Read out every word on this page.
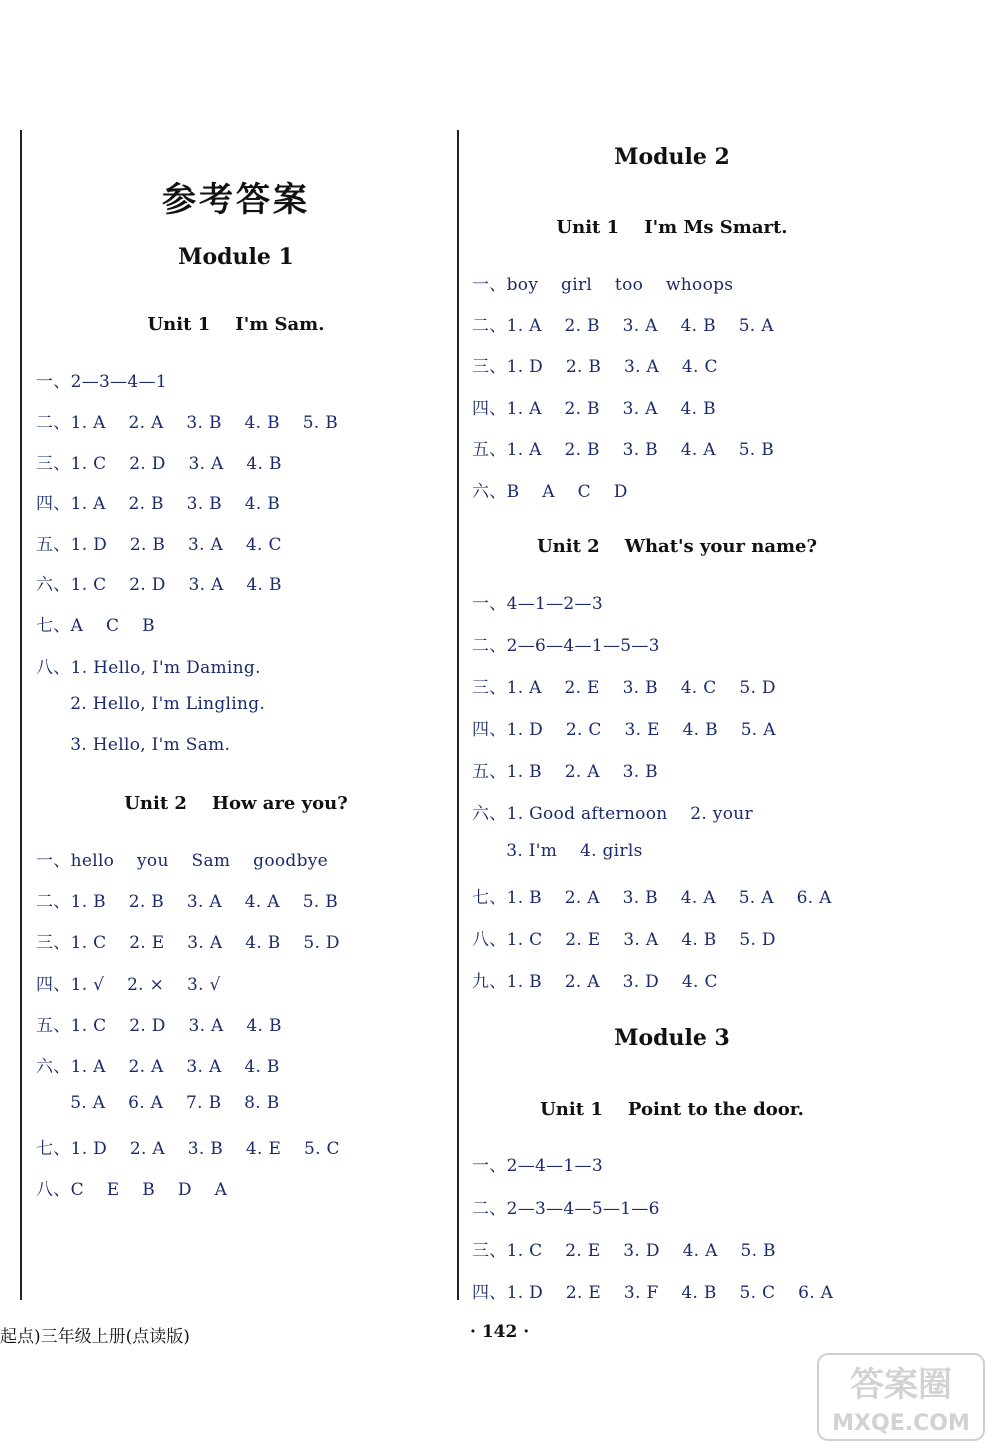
参考答案
Module 1
Unit 1    I'm Sam.
一、2—3—4—1
二、1. A    2. A    3. B    4. B    5. B
三、1. C    2. D    3. A    4. B
四、1. A    2. B    3. B    4. B
五、1. D    2. B    3. A    4. C
六、1. C    2. D    3. A    4. B
七、A    C    B
八、1. Hello, I'm Daming.
2. Hello, I'm Lingling.
3. Hello, I'm Sam.
Unit 2    How are you?
一、hello    you    Sam    goodbye
二、1. B    2. B    3. A    4. A    5. B
三、1. C    2. E    3. A    4. B    5. D
四、1. √    2. ×    3. √
五、1. C    2. D    3. A    4. B
六、1. A    2. A    3. A    4. B
5. A    6. A    7. B    8. B
七、1. D    2. A    3. B    4. E    5. C
八、C    E    B    D    A
Module 2
Unit 1    I'm Ms Smart.
一、boy    girl    too    whoops
二、1. A    2. B    3. A    4. B    5. A
三、1. D    2. B    3. A    4. C
四、1. A    2. B    3. A    4. B
五、1. A    2. B    3. B    4. A    5. B
六、B    A    C    D
Unit 2    What's your name?
一、4—1—2—3
二、2—6—4—1—5—3
三、1. A    2. E    3. B    4. C    5. D
四、1. D    2. C    3. E    4. B    5. A
五、1. B    2. A    3. B
六、1. Good afternoon    2. your
3. I'm    4. girls
七、1. B    2. A    3. B    4. A    5. A    6. A
八、1. C    2. E    3. A    4. B    5. D
九、1. B    2. A    3. D    4. C
Module 3
Unit 1    Point to the door.
一、2—4—1—3
二、2—3—4—5—1—6
三、1. C    2. E    3. D    4. A    5. B
四、1. D    2. E    3. F    4. B    5. C    6. A
起点)三年级上册(点读版)	· 142 ·
答案圈
MXQE.COM
